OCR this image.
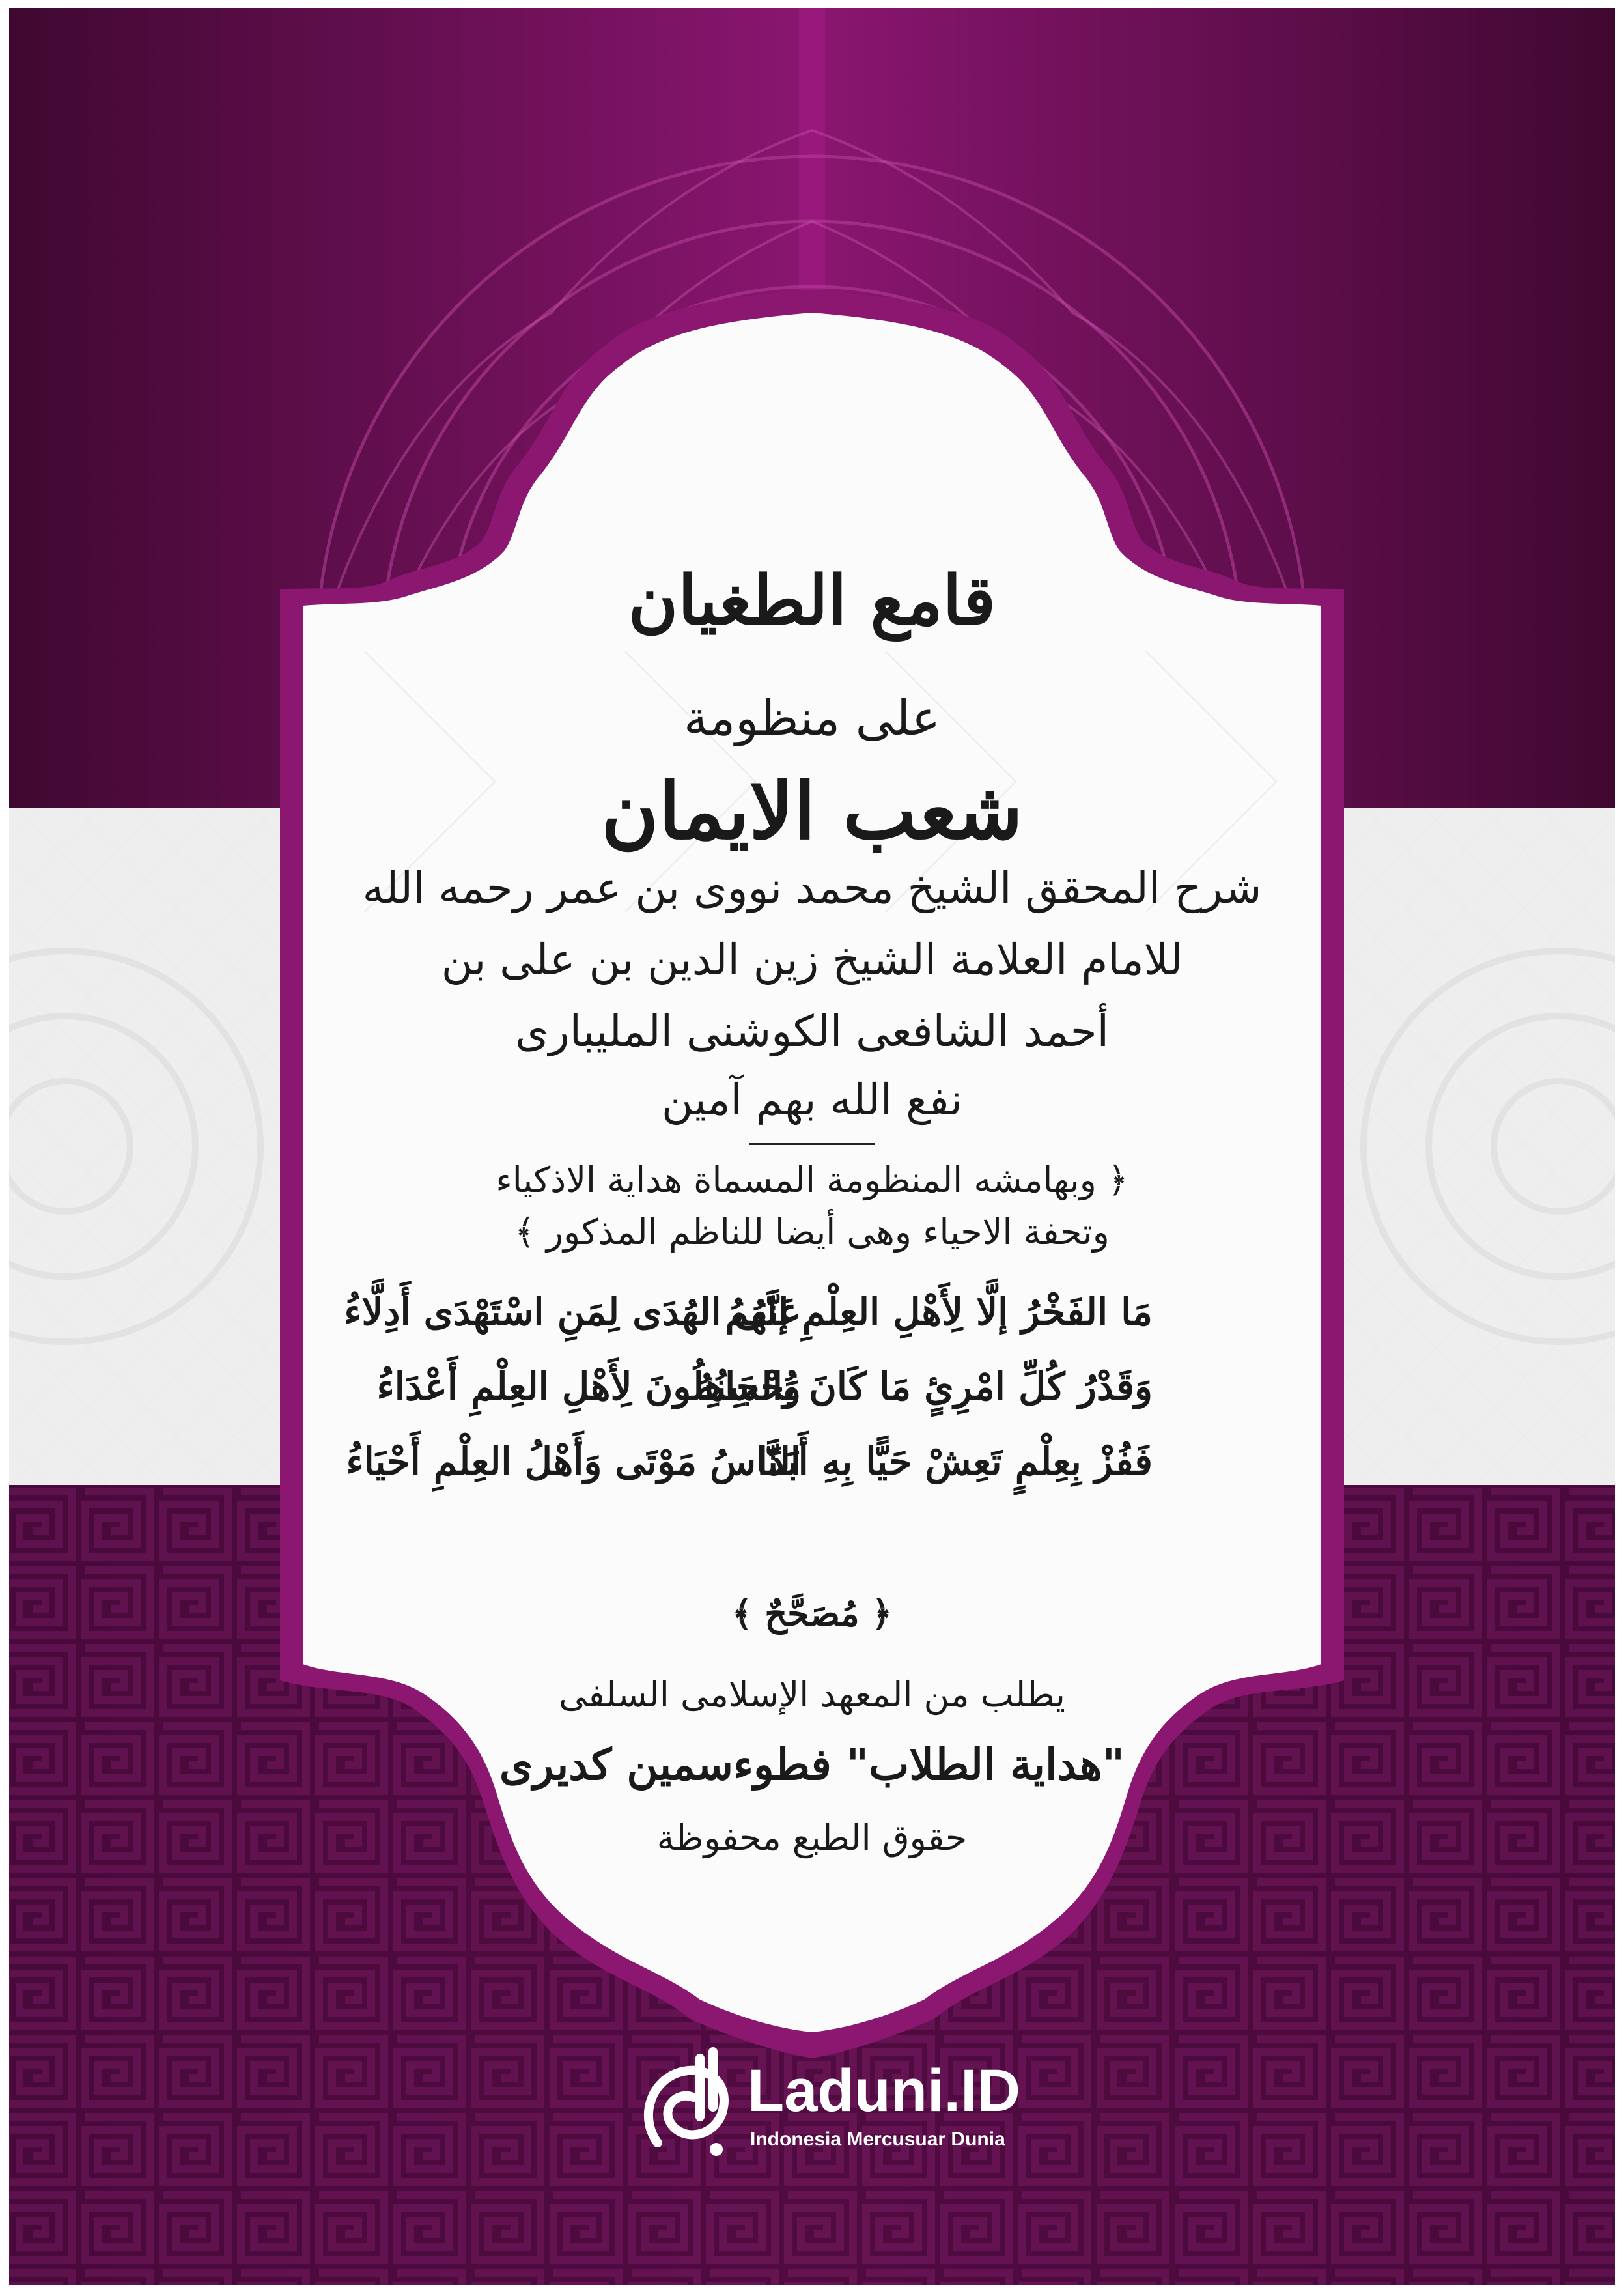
قامع الطغيان
على منظومة
شعب الايمان
شرح المحقق الشيخ محمد نووى بن عمر رحمه الله
للامام العلامة الشيخ زين الدين بن على بن
أحمد الشافعى الكوشنى المليبارى
نفع الله بهم آمين
﴿ وبهامشه المنظومة المسماة هداية الاذكياء
وتحفة الاحياء وهى أيضا للناظم المذكور ﴾
مَا الفَخْرُ إلَّا لِأَهْلِ العِلْمِ إنَّهُمُ
عَلَى الهُدَى لِمَنِ اسْتَهْدَى أَدِلَّاءُ
وَقَدْرُ كُلِّ امْرِئٍ مَا كَانَ يُحْسِنُهُ
وَالجَاهِلُونَ لِأَهْلِ العِلْمِ أَعْدَاءُ
فَفُزْ بِعِلْمٍ تَعِشْ حَيًّا بِهِ أَبَدًا
النَّاسُ مَوْتَى وَأَهْلُ العِلْمِ أَحْيَاءُ
﴿ مُصَحَّحٌ ﴾
يطلب من المعهد الإسلامى السلفى
"هداية الطلاب" فطوءسمين كديرى
حقوق الطبع محفوظة
Laduni.ID
Indonesia Mercusuar Dunia
